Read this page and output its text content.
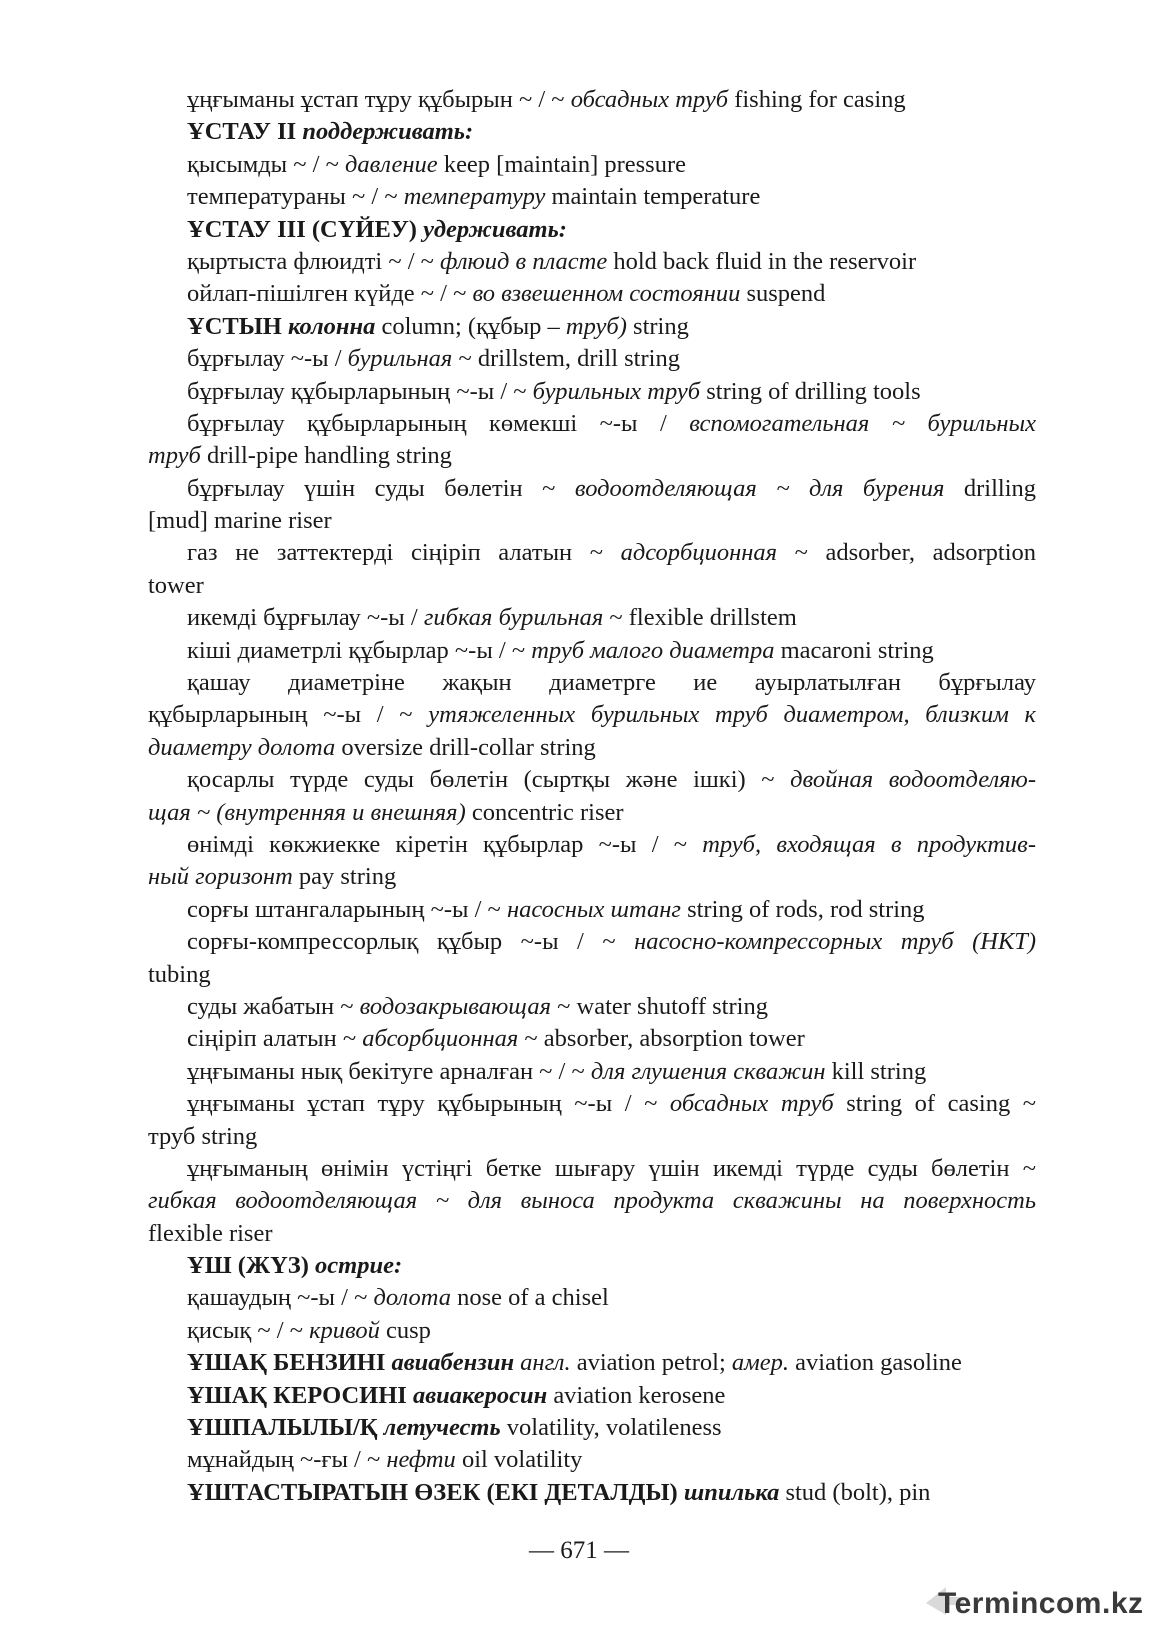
ұңғыманы ұстап тұру құбырын ~ / ~ обсадных труб fishing for casing
ҰСТАУ II поддерживать:
қысымды ~ / ~ давление keep [maintain] pressure
температураны ~ / ~ температуру maintain temperature
ҰСТАУ III (СҮЙЕУ) удерживать:
қыртыста флюидті ~ / ~ флюид в пласте hold back fluid in the reservoir
ойлап-пішілген күйде ~ / ~ во взвешенном состоянии suspend
ҰСТЫН колонна column; (құбыр – труб) string
бұрғылау ~-ы / бурильная ~ drillstem, drill string
бұрғылау құбырларының ~-ы / ~ бурильных труб string of drilling tools
бұрғылау құбырларының көмекші ~-ы / вспомогательная ~ бурильных
труб drill-pipe handling string
бұрғылау үшін суды бөлетін ~ водоотделяющая ~ для бурения drilling
[mud] marine riser
газ не заттектерді сіңіріп алатын ~ адсорбционная ~ adsorber, adsorption
tower
икемді бұрғылау ~-ы / гибкая бурильная ~ flexible drillstem
кіші диаметрлі құбырлар ~-ы / ~ труб малого диаметра macaroni string
қашау диаметріне жақын диаметрге ие ауырлатылған бұрғылау
құбырларының ~-ы / ~ утяжеленных бурильных труб диаметром, близким к
диаметру долота oversize drill-collar string
қосарлы түрде суды бөлетін (сыртқы және ішкі) ~ двойная водоотделяю-
щая ~ (внутренняя и внешняя) concentric riser
өнімді көкжиекке кіретін құбырлар ~-ы / ~ труб, входящая в продуктив-
ный горизонт pay string
сорғы штангаларының ~-ы / ~ насосных штанг string of rods, rod string
сорғы-компрессорлық құбыр ~-ы / ~ насосно-компрессорных труб (НКТ)
tubing
суды жабатын ~ водозакрывающая ~ water shutoff string
сіңіріп алатын ~ абсорбционная ~ absorber, absorption tower
ұңғыманы нық бекітуге арналған ~ / ~ для глушения скважин kill string
ұңғыманы ұстап тұру құбырының ~-ы / ~ обсадных труб string of casing ~
труб string
ұңғыманың өнімін үстіңгі бетке шығару үшін икемді түрде суды бөлетін ~
гибкая водоотделяющая ~ для выноса продукта скважины на поверхность
flexible riser
ҰШ (ЖҮЗ) острие:
қашаудың ~-ы / ~ долота nose of a chisel
қисық ~ / ~ кривой cusp
ҰШАҚ БЕНЗИНІ авиабензин англ. aviation petrol; амер. aviation gasoline
ҰШАҚ КЕРОСИНІ авиакеросин aviation kerosene
ҰШПАЛЫЛЫ/Қ летучесть volatility, volatileness
мұнайдың ~-ғы / ~ нефти oil volatility
ҰШТАСТЫРАТЫН ӨЗЕК (ЕКІ ДЕТАЛДЫ) шпилька stud (bolt), pin
— 671 —
Termincom.kz
